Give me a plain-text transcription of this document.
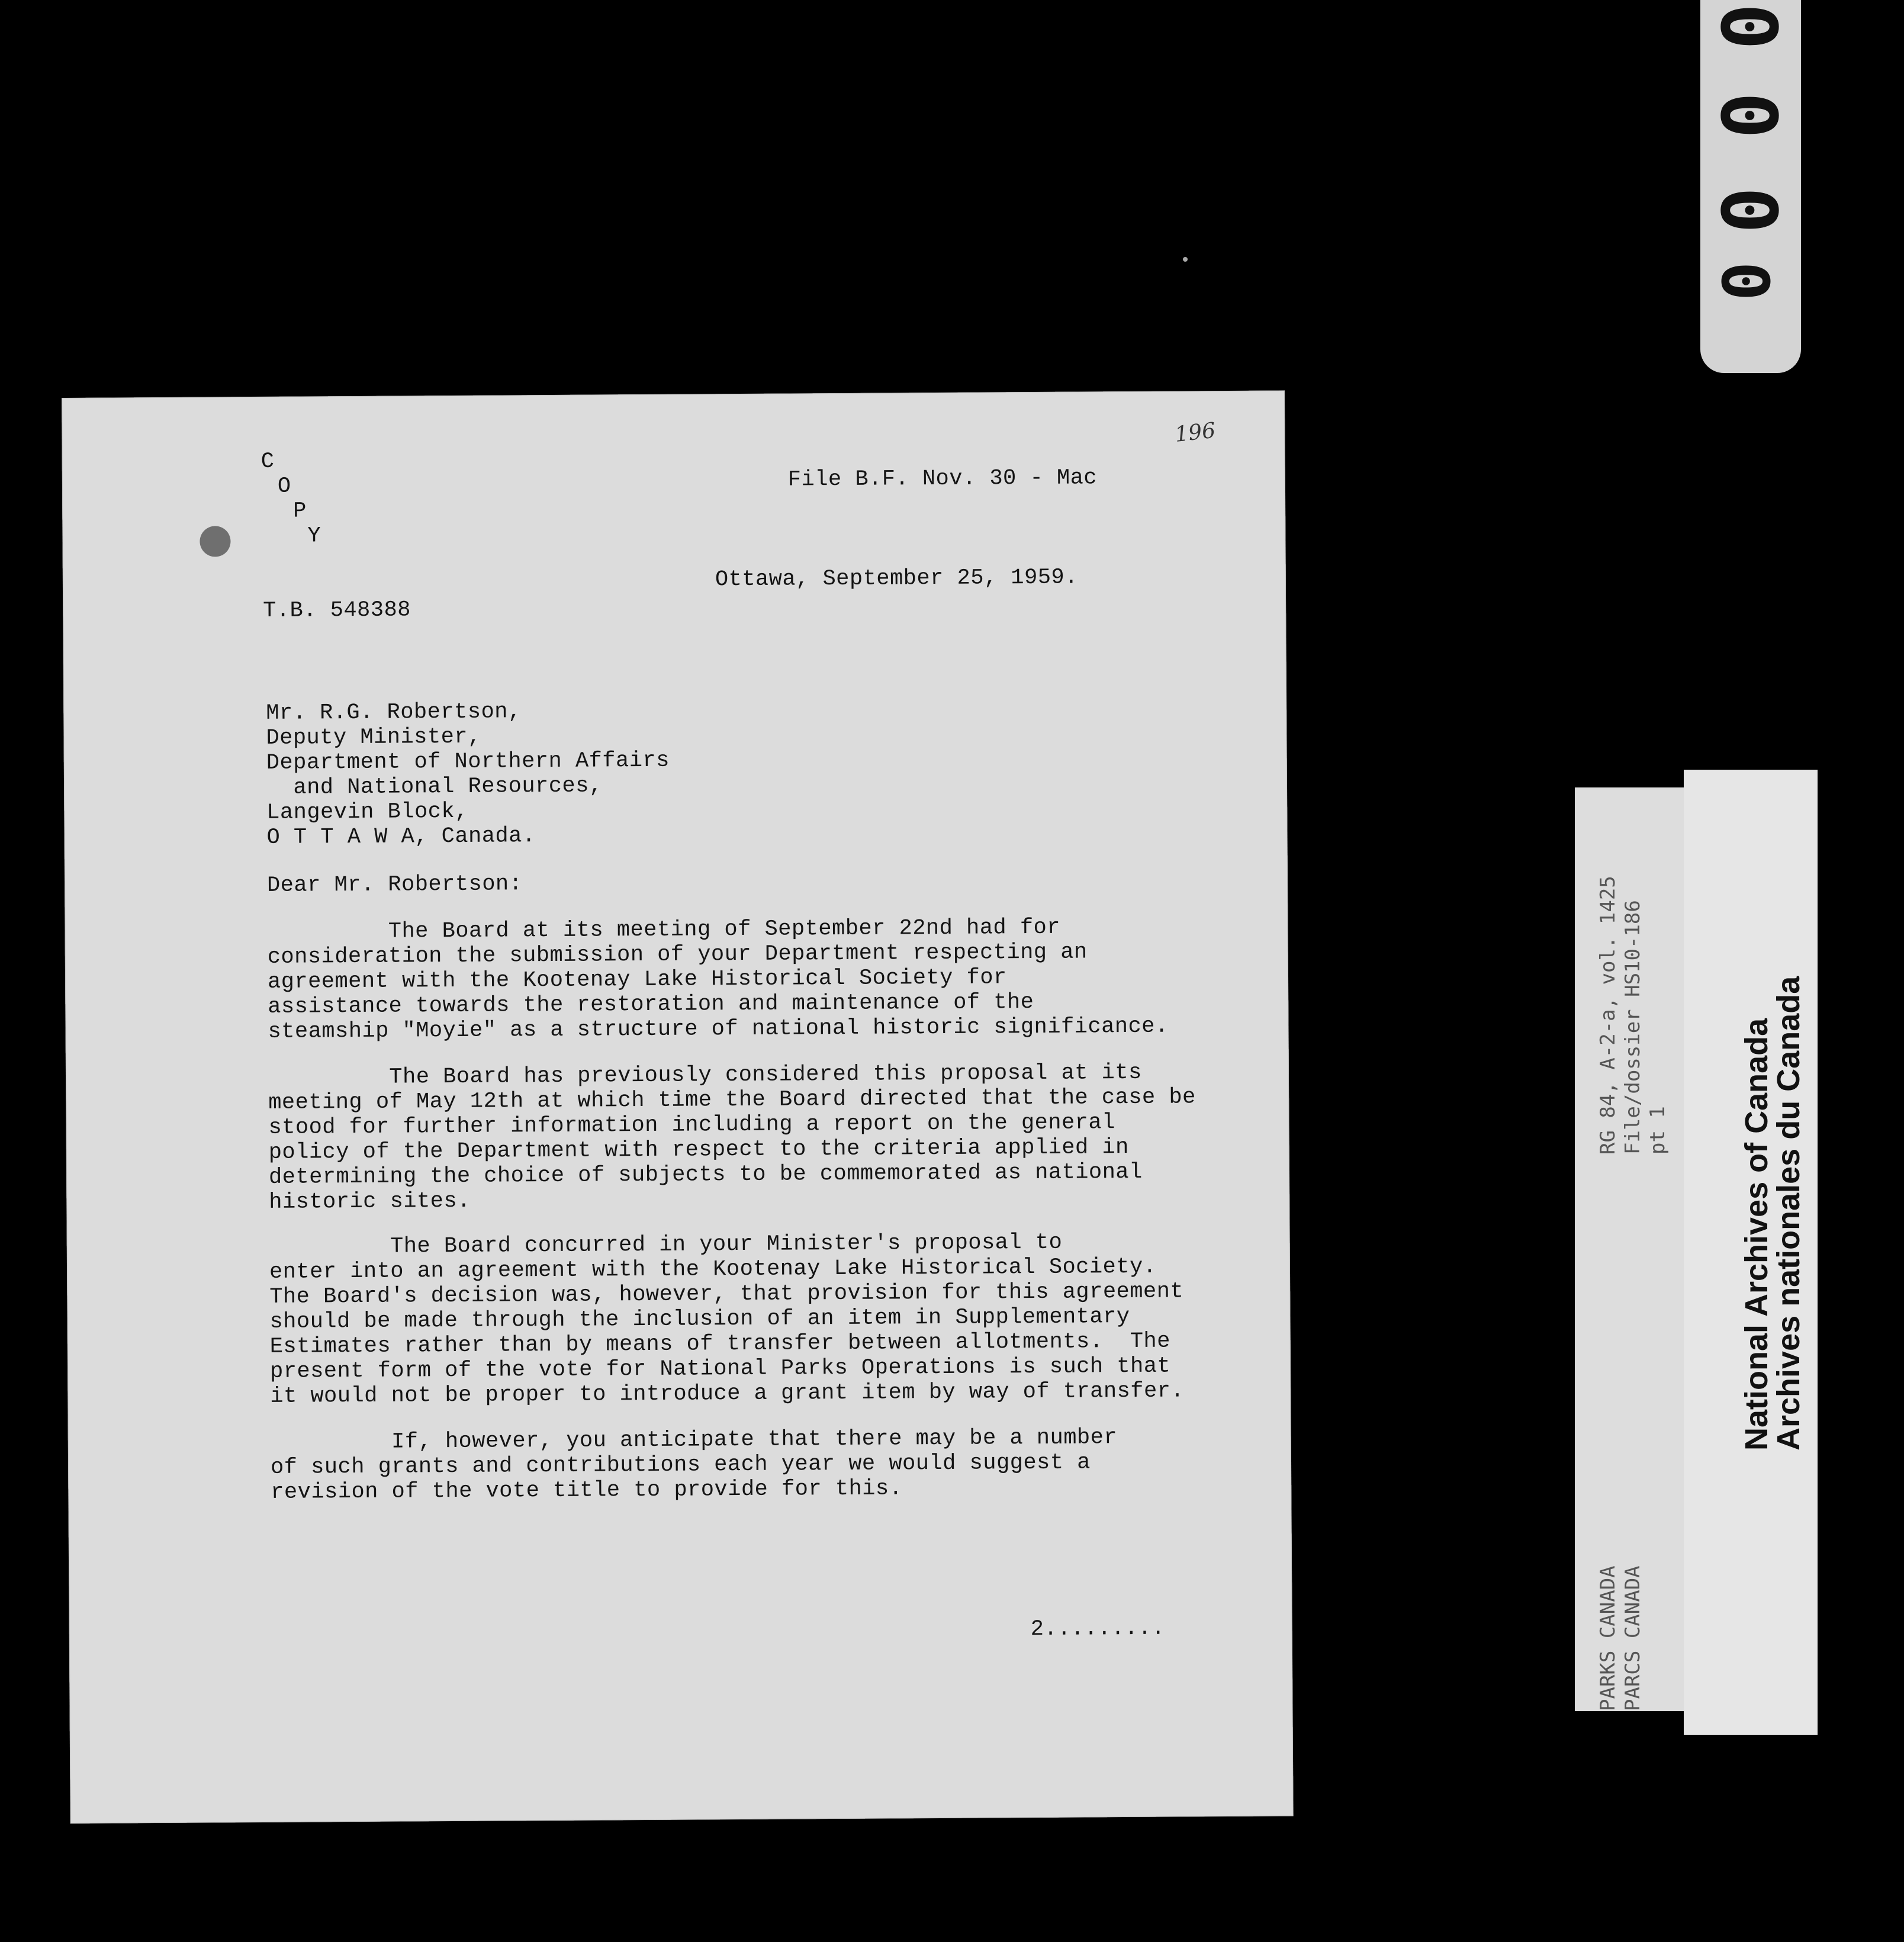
0
0
0
0
196
C
O
P
Y
File B.F. Nov. 30 - Mac
Ottawa, September 25, 1959.
T.B. 548388
Mr. R.G. Robertson,
Deputy Minister,
Department of Northern Affairs
and National Resources,
Langevin Block,
O T T A W A, Canada.
Dear Mr. Robertson:
The Board at its meeting of September 22nd had for
consideration the submission of your Department respecting an
agreement with the Kootenay Lake Historical Society for
assistance towards the restoration and maintenance of the
steamship "Moyie" as a structure of national historic significance.
The Board has previously considered this proposal at its
meeting of May 12th at which time the Board directed that the case be
stood for further information including a report on the general
policy of the Department with respect to the criteria applied in
determining the choice of subjects to be commemorated as national
historic sites.
The Board concurred in your Minister's proposal to
enter into an agreement with the Kootenay Lake Historical Society.
The Board's decision was, however, that provision for this agreement
should be made through the inclusion of an item in Supplementary
Estimates rather than by means of transfer between allotments.  The
present form of the vote for National Parks Operations is such that
it would not be proper to introduce a grant item by way of transfer.
If, however, you anticipate that there may be a number
of such grants and contributions each year we would suggest a
revision of the vote title to provide for this.
2.........
RG 84, A-2-a, vol. 1425 File/dossier HS10-186 pt 1
PARKS CANADA PARCS CANADA
National Archives of Canada
Archives nationales du Canada
